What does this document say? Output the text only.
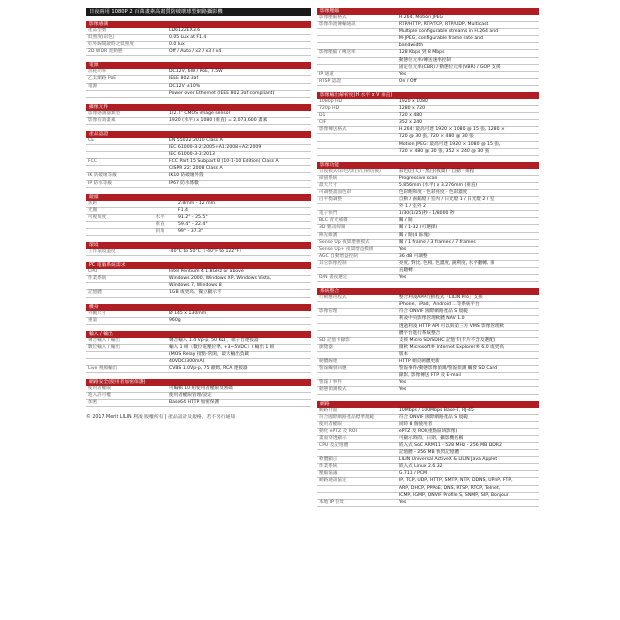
日夜兩用 1080P 2 百萬畫素高畫質防破壞球型網路攝影機
影像感測
產品型號	LD6122EX3.6
低照度(彩色)	0.05 Lux at F1.4
紅外線開啟時之低照度	0.0 lux
2D WDR 寬動態	Off / Auto / x2 / x3 / x4
電源
消耗功率	DC12V, 6W / PoE, 7.5W
乙太網路 PoE	IEEE 802.3af
電源	DC12V ±10%
	Power over Ethernet (IEEE 802.3af compliant)
攝像元件
影像感測器類型	1/2.7" CMOS image sensor
影像有效畫素	1920 (水平) x 1080 (垂直) = 2,073,600 畫素
產品認證
CE	EN 55022:2010 Class A
	IEC 61000-3-2:2005+A1:2008+A2:2009
	IEC 61000-3-3:2013
FCC	FCC Part 15 Subpart B (10-1-10 Edition) Class A
	CISPR 22: 2008 Class A
IK 防破壞等級	IK10 防破壞外殼
IP 防水等級	IP67 防水係數
鏡頭
焦距		2.8mm - 12 mm
光圈		F1.4
可視角度	水平	91.2° - 25.5°
	垂直	59.4° - 22.4°
	斜角	99° - 37.3°
環境
工作環境溫度	-40°C to 50°C（-40°F to 122°F）
PC 電腦系統需求
CPU	Intel Pentium 4 1.8GHz or above
作業系統	Windows 2000, Windows XP, Windows Vista,
	Windows 7, Windows 8
記憶體	1GB 或更高、獨立顯示卡
機身
外觀尺寸	Ø 145 x 130mm
重量	960g
輸入 / 輸出
聲音輸入 / 輸出	聲音輸入 1.4 Vp-p, 50 KΩ ，端子台連接器
數位輸入 / 輸出	輸入 1 組（數位電壓位準, +3~5VDC）/ 輸出 1 組
	(MOS Relay 接點-常開，最大輸出負載
	40VDC/300mA)
Live 視頻輸出	CVBS 1.0Vp-p, 75 歐姆, RCA 連接器
網路安全(使用者加密保護)
使用者權限	可編輯 10 組使用者權限及密碼
進入許可權	使用者權限管理/設定
加密	Base64 HTTP 加密保護
© 2017 Merit LILIN 利凌 版權所有 | 產品設計及規格，若不另行通知
影像壓縮
影像壓縮格式	H.264, Motion JPEG
影像串流傳輸通訊	RTP/HTTP, RTP/TCP, RTP/UDP, Multicast
	Multiple configurable streams in H.264 and
	M-JPEG, configurable frame rate and
	bandwidth
影像壓縮 / 傳送率	128 Kbps 到 8 Mbps
	動態位元率/傳送速率控制
	固定位元率(CBR) / 動態位元率(VBR) / GOP 支援
IP 通道	Yes
RTSP 認證	On / Off
影像輸出解析度(H 水平 x V 垂直)
1080p HD	1920 x 1080
720p HD	1280 x 720
D1	720 x 480
CIF	352 x 240
影像傳送格式	H.264: 最高可達 1920 × 1080 @ 15 張, 1280 ×
	720 @ 30 張, 720 × 480 @ 30 張
	Motion JPEG: 最高可達 1920 × 1080 @ 15 張,
	720 × 480 @ 30 張, 352 × 240 @ 30 張
影像功能
日夜模式(彩色/黑白/自動切換)	彩色(白天) · 黑白(夜間) · 自動 · 排程
掃描系統	Progressive scan
最大尺寸	5.856mm (水平) x 3.276mm (垂直)
可調整畫面色彩	色彩飽和度 · 色彩亮度 · 色彩濃度
白平衡調整	自動 / 鹵鎢燈 / 室內 / 日光燈 1 / 日光燈 2 / 室
	外 1 / 室外 2
電子快門	1/30(1/25)秒 - 1/8000 秒
BLC 背光補償	關 / 開
3D 雜訊抑制	關 / 1-32 (可選擇)
陣先維護	關 / 開(4 區塊)
Sense Up 夜間增強模式	關 / 1 frame / 3 frames / 7 frames
Sense Up+ 夜間增益模組	Yes
AGC 自動增益控制	36 dB 可調整
其它影像控制	亮度, 對比, 色相, 色濃度, 銳利度, 水平翻轉, 垂
	直翻轉
D/N 晝夜選定	Yes
系統整合
行動應用程式	整合利凌APP行動程式「LILIN Pro」支援
	iPhone、iPad、Android ...等系統平台
影像管理	符合 ONVIF 國際網路產品 S 規範
	利凌中央影像管理軟體 NAV 1.0
	透過利凌 HTTP API 可以與第三方 VMS 影像管理軟
	體平台進行系統整合
SD 記憶卡錄影	支援 Micro SD/SDHC 記憶卡(卡片不含及選配)
瀏覽器	微軟 Microsoft® Internet Explorer® 6.0 或更高
	版本
韌體線連	HTTP 網頁韌體更新
警報觸發回應	警報事件/動態影像偵測/警報偵測 觸發 SD Card
	錄影, 影像傳送 FTP 及 E-mail
警報 / 事件	Yes
動態偵測模式	Yes
網路
網路介面	10Mbps / 100Mbps Base-T, RJ-45
符合國際網路產品標準規範	符合 ONVIF 國際網路產品 S 規範
使用者權限	同時 8 個使用者
動化 ePTZ 及 ROI	ePTZ 及 ROI(重點區域影像)
畫面穿透顯示	可顯示時間、日期、攝影機名稱
CPU 及記憶體	嵌入式 SoC ARM11 - 528 MHz - 256 MB DDR2
	記憶體 - 256 MB 快閃記憶體
軟體顯示	LILIN Universal ActiveX & LILIN Java Applet
作業系統	嵌入式 Linux 2.6.32
壓縮協議	G.711 / PCM
網路通訊協定	IP, TCP, UDP, HTTP, SMTP, NTP, DDNS, UPnP, FTP,
	ARP, DHCP, PPPoE, DNS, RTSP, RTCP, Telnet,
	ICMP, IGMP, ONVIF Profile S, SNMP, SIP, Bonjour
本地 IP 位址	Yes
